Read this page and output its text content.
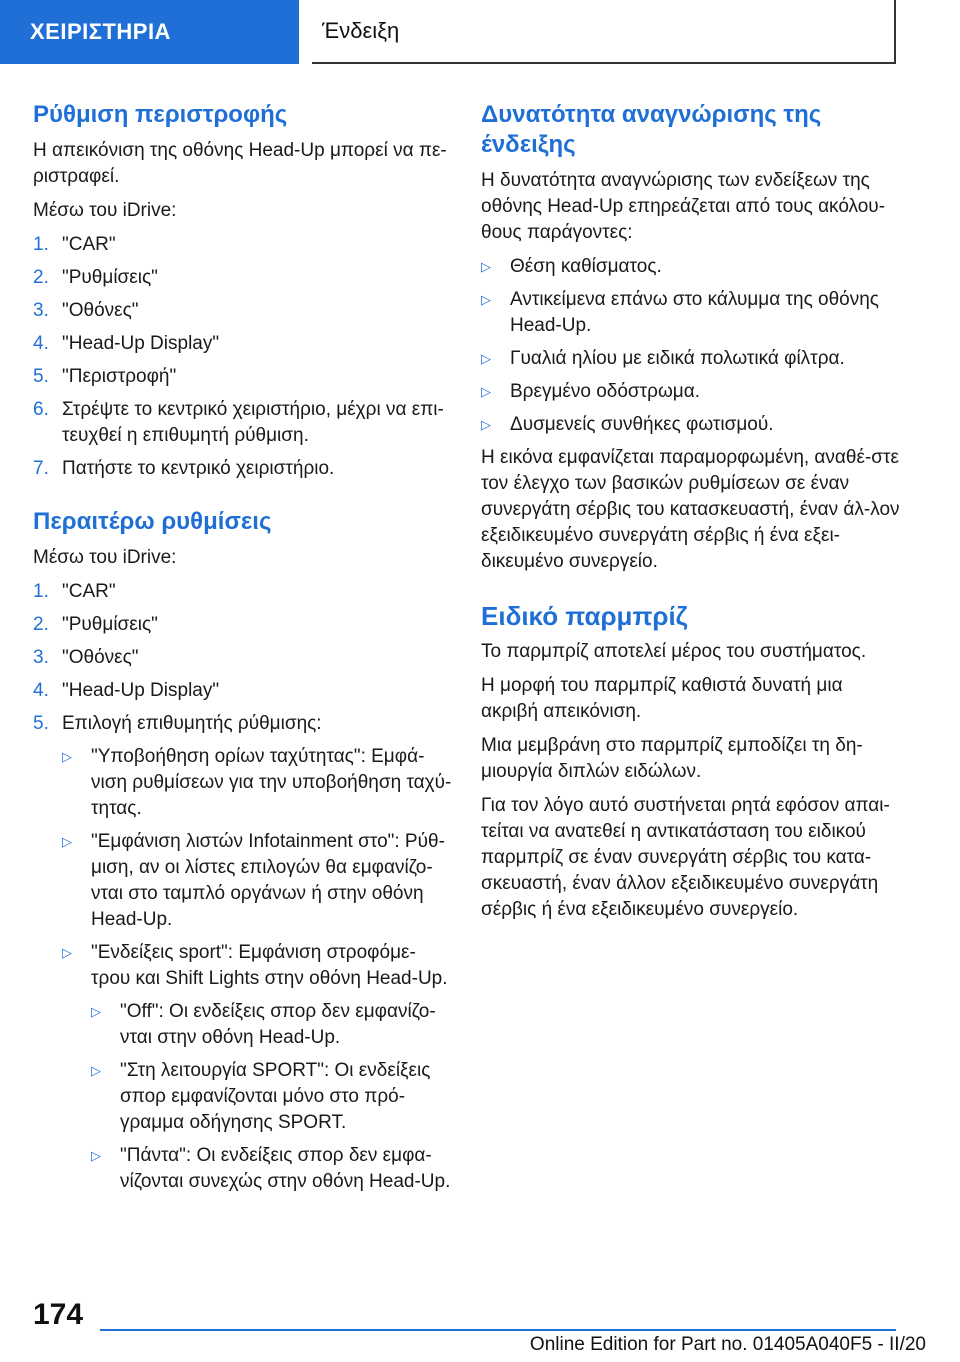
ΧΕΙΡΙΣΤΗΡΙΑ	Ένδειξη
Ρύθμιση περιστροφής

Η απεικόνιση της οθόνης Head-Up μπορεί να πε‐ριστραφεί.

Μέσω του iDrive:

1. "CAR"
2. "Ρυθμίσεις"
3. "Οθόνες"
4. "Head-Up Display"
5. "Περιστροφή"
6. Στρέψτε το κεντρικό χειριστήριο, μέχρι να επι‐τευχθεί η επιθυμητή ρύθμιση.
7. Πατήστε το κεντρικό χειριστήριο.
Περαιτέρω ρυθμίσεις

Μέσω του iDrive:

1. "CAR"
2. "Ρυθμίσεις"
3. "Οθόνες"
4. "Head-Up Display"
5. Επιλογή επιθυμητής ρύθμισης:
▷	"Υποβοήθηση ορίων ταχύτητας": Εμφά‐νιση ρυθμίσεων για την υποβοήθηση ταχύ‐τητας.
▷	"Εμφάνιση λιστών Infotainment στο": Ρύθ‐μιση, αν οι λίστες επιλογών θα εμφανίζο‐νται στο ταμπλό οργάνων ή στην οθόνη Head-Up.
▷	"Ενδείξεις sport": Εμφάνιση στροφόμε‐τρου και Shift Lights στην οθόνη Head-Up.
▷	"Off": Οι ενδείξεις σπορ δεν εμφανίζο‐νται στην οθόνη Head-Up.
▷	"Στη λειτουργία SPORT": Οι ενδείξεις σπορ εμφανίζονται μόνο στο πρό‐γραμμα οδήγησης SPORT.
▷	"Πάντα": Οι ενδείξεις σπορ δεν εμφα‐νίζονται συνεχώς στην οθόνη Head-Up.
Δυνατότητα αναγνώρισης της ένδειξης

Η δυνατότητα αναγνώρισης των ενδείξεων της οθόνης Head-Up επηρεάζεται από τους ακόλου‐θους παράγοντες:

▷	Θέση καθίσματος.
▷	Αντικείμενα επάνω στο κάλυμμα της οθόνης Head-Up.
▷	Γυαλιά ηλίου με ειδικά πολωτικά φίλτρα.
▷	Βρεγμένο οδόστρωμα.
▷	Δυσμενείς συνθήκες φωτισμού.

Η εικόνα εμφανίζεται παραμορφωμένη, αναθέ‐στε τον έλεγχο των βασικών ρυθμίσεων σε έναν συνεργάτη σέρβις του κατασκευαστή, έναν άλ‐λον εξειδικευμένο συνεργάτη σέρβις ή ένα εξει‐δικευμένο συνεργείο.

Ειδικό παρμπρίζ

Το παρμπρίζ αποτελεί μέρος του συστήματος.

Η μορφή του παρμπρίζ καθιστά δυνατή μια ακριβή απεικόνιση.

Μια μεμβράνη στο παρμπρίζ εμποδίζει τη δη‐μιουργία διπλών ειδώλων.

Για τον λόγο αυτό συστήνεται ρητά εφόσον απαι‐τείται να ανατεθεί η αντικατάσταση του ειδικού παρμπρίζ σε έναν συνεργάτη σέρβις του κατα‐σκευαστή, έναν άλλον εξειδικευμένο συνεργάτη σέρβις ή ένα εξειδικευμένο συνεργείο.

174
Online Edition for Part no. 01405A040F5 - II/20
